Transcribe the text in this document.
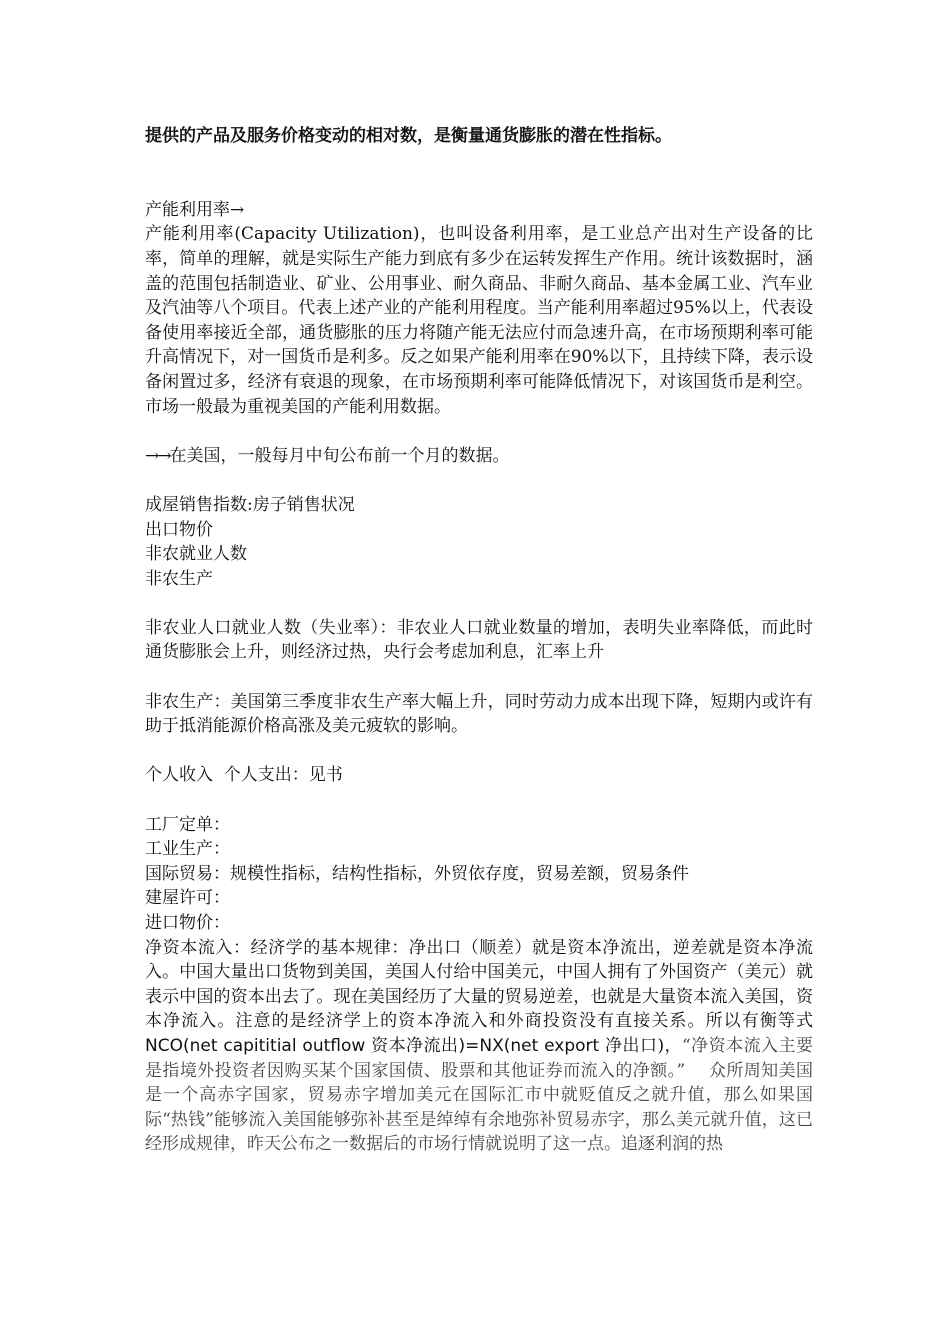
提供的产品及服务价格变动的相对数，是衡量通货膨胀的潜在性指标。

产能利用率→

产能利用率(Capacity Utilization)，也叫设备利用率，是工业总产出对生产设备的比率，简单的理解，就是实际生产能力到底有多少在运转发挥生产作用。统计该数据时，涵盖的范围包括制造业、矿业、公用事业、耐久商品、非耐久商品、基本金属工业、汽车业及汽油等八个项目。代表上述产业的产能利用程度。当产能利用率超过95%以上，代表设备使用率接近全部，通货膨胀的压力将随产能无法应付而急速升高，在市场预期利率可能升高情况下，对一国货币是利多。反之如果产能利用率在90%以下，且持续下降，表示设备闲置过多，经济有衰退的现象，在市场预期利率可能降低情况下，对该国货币是利空。市场一般最为重视美国的产能利用数据。

→→在美国，一般每月中旬公布前一个月的数据。

成屋销售指数:房子销售状况

出口物价

非农就业人数

非农生产

非农业人口就业人数（失业率）：非农业人口就业数量的增加，表明失业率降低，而此时通货膨胀会上升，则经济过热，央行会考虑加利息，汇率上升

非农生产：美国第三季度非农生产率大幅上升，同时劳动力成本出现下降，短期内或许有助于抵消能源价格高涨及美元疲软的影响。

个人收入  个人支出：见书

工厂定单：

工业生产：

国际贸易：规模性指标，结构性指标，外贸依存度，贸易差额，贸易条件

建屋许可：

进口物价：

净资本流入：经济学的基本规律：净出口（顺差）就是资本净流出，逆差就是资本净流入。中国大量出口货物到美国，美国人付给中国美元，中国人拥有了外国资产（美元）就表示中国的资本出去了。现在美国经历了大量的贸易逆差，也就是大量资本流入美国，资本净流入。注意的是经济学上的资本净流入和外商投资没有直接关系。所以有衡等式 NCO(net capititial outflow 资本净流出)=NX(net export 净出口)，“净资本流入主要是指境外投资者因购买某个国家国债、股票和其他证券而流入的净额。”　 众所周知美国是一个高赤字国家，贸易赤字增加美元在国际汇市中就贬值反之就升值，那么如果国际“热钱”能够流入美国能够弥补甚至是绰绰有余地弥补贸易赤字，那么美元就升值，这已经形成规律，昨天公布之一数据后的市场行情就说明了这一点。追逐利润的热
